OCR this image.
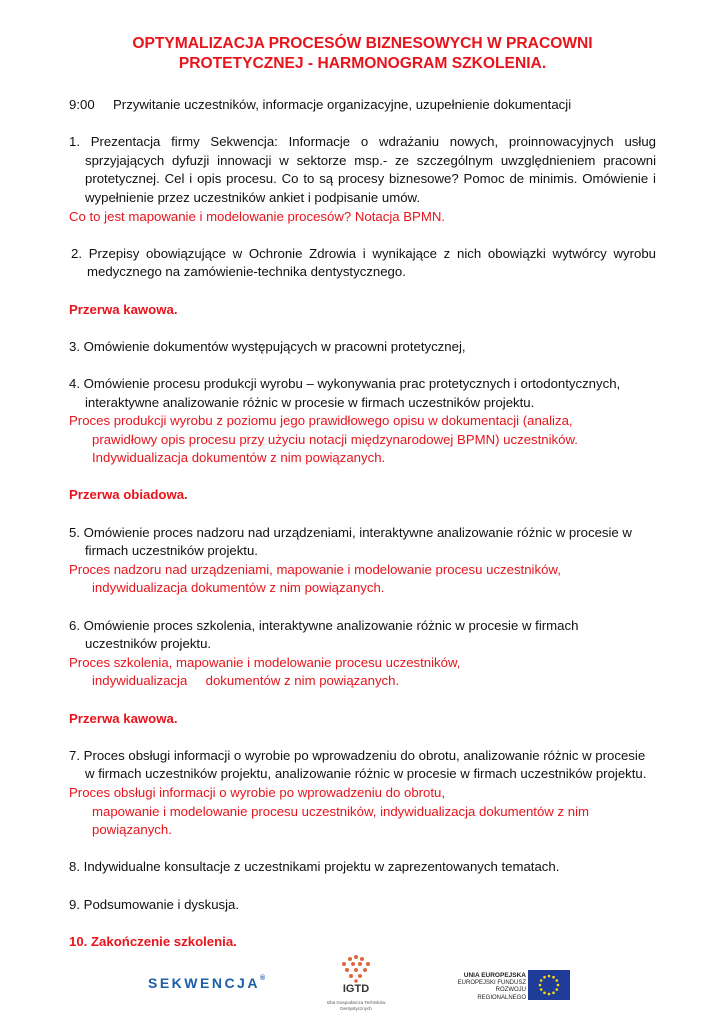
OPTYMALIZACJA PROCESÓW BIZNESOWYCH W PRACOWNI
PROTETYCZNEJ - HARMONOGRAM SZKOLENIA.

9:00 Przywitanie uczestników, informacje organizacyjne, uzupełnienie dokumentacji

1. Prezentacja firmy Sekwencja: Informacje o wdrażaniu nowych, proinnowacyjnych usług sprzyjających dyfuzji innowacji w sektorze msp.- ze szczególnym uwzględnieniem pracowni protetycznej. Cel i opis procesu. Co to są procesy biznesowe? Pomoc de minimis. Omówienie i wypełnienie przez uczestników ankiet i podpisanie umów.

Co to jest mapowanie i modelowanie procesów? Notacja BPMN.

2. Przepisy obowiązujące w Ochronie Zdrowia i wynikające z nich obowiązki wytwórcy wyrobu medycznego na zamówienie-technika dentystycznego.

Przerwa kawowa.

3. Omówienie dokumentów występujących w pracowni protetycznej,

4. Omówienie procesu produkcji wyrobu – wykonywania prac protetycznych i ortodontycznych, interaktywne analizowanie różnic w procesie w firmach uczestników projektu.

Proces produkcji wyrobu z poziomu jego prawidłowego opisu w dokumentacji (analiza,

prawidłowy opis procesu przy użyciu notacji międzynarodowej BPMN) uczestników.

Indywidualizacja dokumentów z nim powiązanych.

Przerwa obiadowa.

5. Omówienie proces nadzoru nad urządzeniami, interaktywne analizowanie różnic w procesie w firmach uczestników projektu.

Proces nadzoru nad urządzeniami, mapowanie i modelowanie procesu uczestników,

indywidualizacja dokumentów z nim powiązanych.

6. Omówienie proces szkolenia, interaktywne analizowanie różnic w procesie w firmach uczestników projektu.

Proces szkolenia, mapowanie i modelowanie procesu uczestników,

indywidualizacja     dokumentów z nim powiązanych.

Przerwa kawowa.

7. Proces obsługi informacji o wyrobie po wprowadzeniu do obrotu, analizowanie różnic w procesie w firmach uczestników projektu, analizowanie różnic w procesie w firmach uczestników projektu.

Proces obsługi informacji o wyrobie po wprowadzeniu do obrotu,

mapowanie i modelowanie procesu uczestników, indywidualizacja dokumentów z nim powiązanych.

8. Indywidualne konsultacje z uczestnikami projektu w zaprezentowanych tematach.

9. Podsumowanie i dyskusja.

10. Zakończenie szkolenia.

SEKWENCJA®
IGTD
Izba Gospodarcza Techników Dentystycznych
UNIA EUROPEJSKA
EUROPEJSKI FUNDUSZ
ROZWOJU REGIONALNEGO
